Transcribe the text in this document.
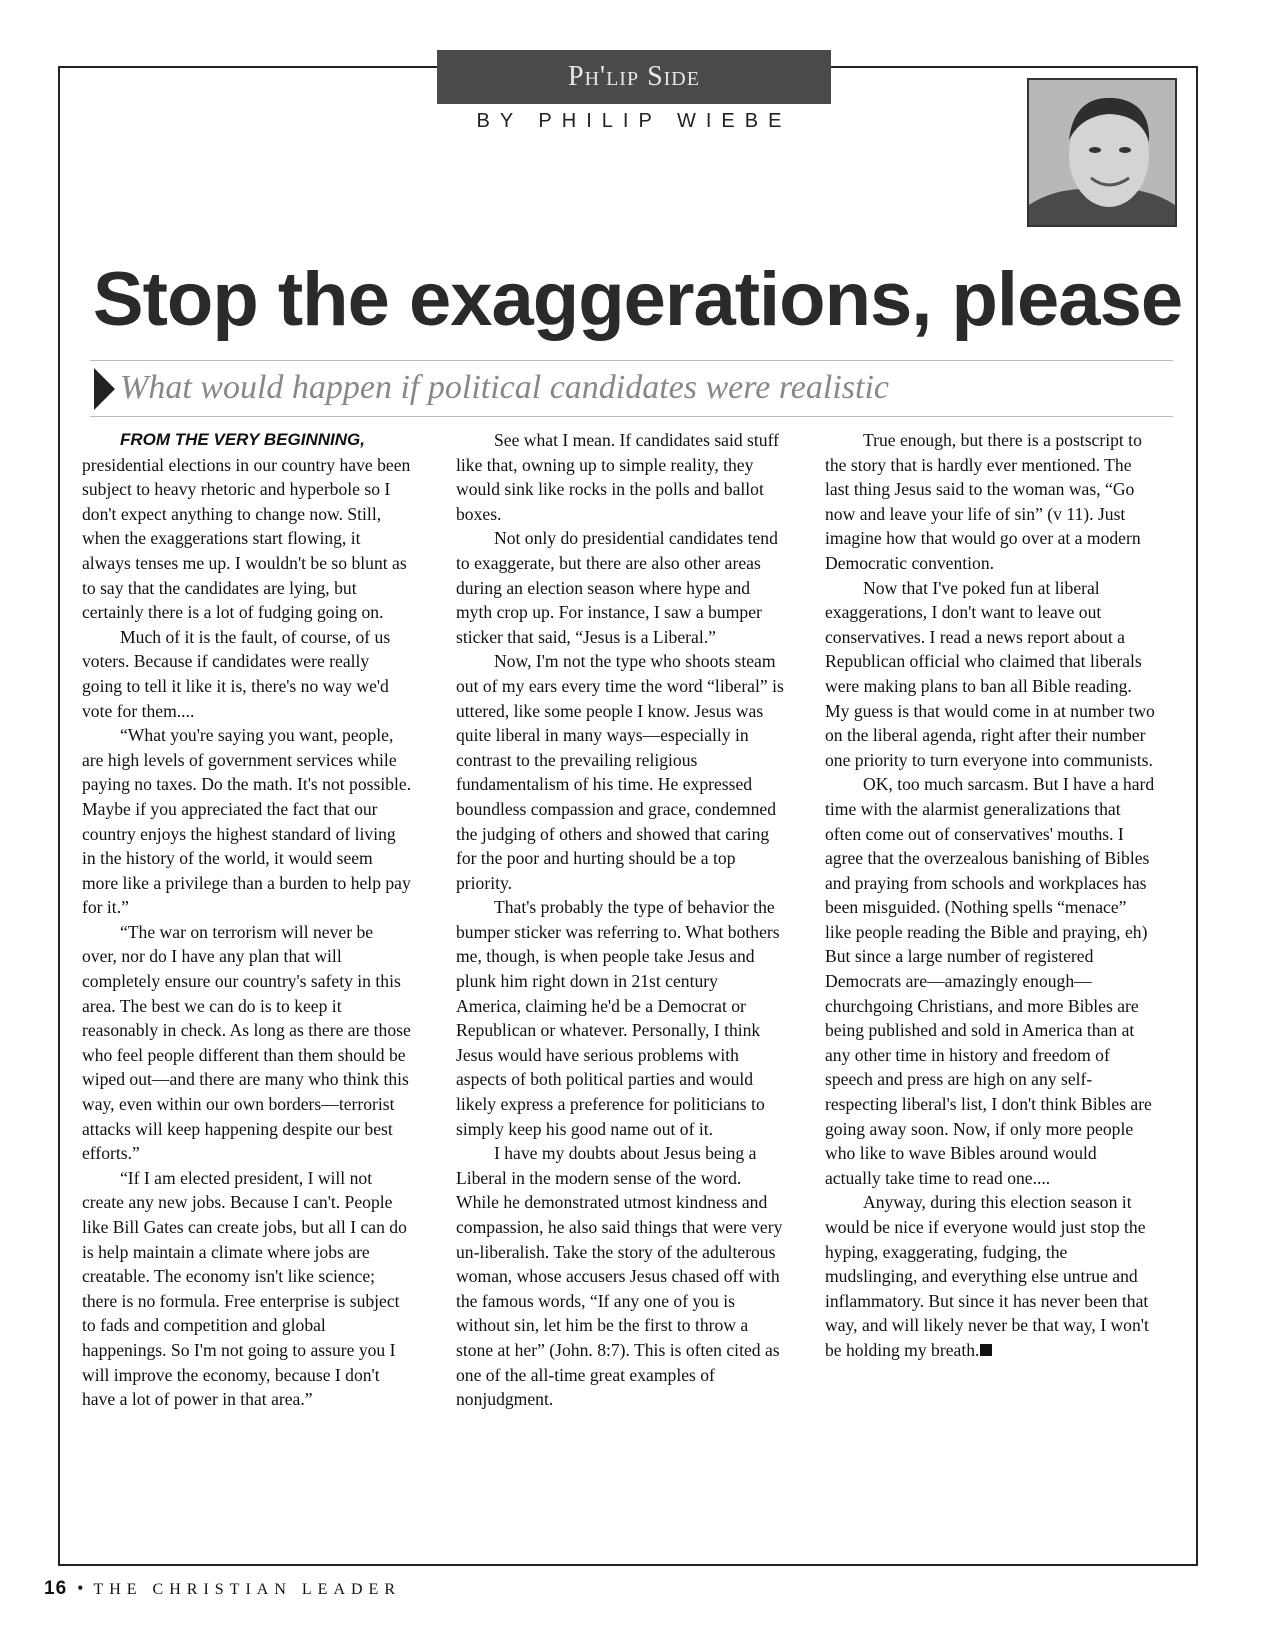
Ph'lip Side
BY PHILIP WIEBE
Stop the exaggerations, please
What would happen if political candidates were realistic
FROM THE VERY BEGINNING,

presidential elections in our country have been subject to heavy rhetoric and hyperbole so I don't expect anything to change now. Still, when the exaggerations start flowing, it always tenses me up. I wouldn't be so blunt as to say that the candidates are lying, but certainly there is a lot of fudging going on.

Much of it is the fault, of course, of us voters. Because if candidates were really going to tell it like it is, there's no way we'd vote for them....

“What you're saying you want, people, are high levels of government services while paying no taxes. Do the math. It's not possible. Maybe if you appreciated the fact that our country enjoys the highest standard of living in the history of the world, it would seem more like a privilege than a burden to help pay for it.”

“The war on terrorism will never be over, nor do I have any plan that will completely ensure our country's safety in this area. The best we can do is to keep it reasonably in check. As long as there are those who feel people different than them should be wiped out—and there are many who think this way, even within our own borders—terrorist attacks will keep happening despite our best efforts.”

“If I am elected president, I will not create any new jobs. Because I can't. People like Bill Gates can create jobs, but all I can do is help maintain a climate where jobs are creatable. The economy isn't like science; there is no formula. Free enterprise is subject to fads and competition and global happenings. So I'm not going to assure you I will improve the economy, because I don't have a lot of power in that area.”

See what I mean. If candidates said stuff like that, owning up to simple reality, they would sink like rocks in the polls and ballot boxes.

Not only do presidential candidates tend to exaggerate, but there are also other areas during an election season where hype and myth crop up. For instance, I saw a bumper sticker that said, “Jesus is a Liberal.”

Now, I'm not the type who shoots steam out of my ears every time the word “liberal” is uttered, like some people I know. Jesus was quite liberal in many ways—especially in contrast to the prevailing religious fundamentalism of his time. He expressed boundless compassion and grace, condemned the judging of others and showed that caring for the poor and hurting should be a top priority.

That's probably the type of behavior the bumper sticker was referring to. What bothers me, though, is when people take Jesus and plunk him right down in 21st century America, claiming he'd be a Democrat or Republican or whatever. Personally, I think Jesus would have serious problems with aspects of both political parties and would likely express a preference for politicians to simply keep his good name out of it.

I have my doubts about Jesus being a Liberal in the modern sense of the word. While he demonstrated utmost kindness and compassion, he also said things that were very un-liberalish. Take the story of the adulterous woman, whose accusers Jesus chased off with the famous words, “If any one of you is without sin, let him be the first to throw a stone at her” (John. 8:7). This is often cited as one of the all-time great examples of nonjudgment.

True enough, but there is a postscript to the story that is hardly ever mentioned. The last thing Jesus said to the woman was, “Go now and leave your life of sin” (v 11). Just imagine how that would go over at a modern Democratic convention.

Now that I've poked fun at liberal exaggerations, I don't want to leave out conservatives. I read a news report about a Republican official who claimed that liberals were making plans to ban all Bible reading. My guess is that would come in at number two on the liberal agenda, right after their number one priority to turn everyone into communists.

OK, too much sarcasm. But I have a hard time with the alarmist generalizations that often come out of conservatives' mouths. I agree that the overzealous banishing of Bibles and praying from schools and workplaces has been misguided. (Nothing spells “menace” like people reading the Bible and praying, eh) But since a large number of registered Democrats are—amazingly enough—churchgoing Christians, and more Bibles are being published and sold in America than at any other time in history and freedom of speech and press are high on any self-respecting liberal's list, I don't think Bibles are going away soon. Now, if only more people who like to wave Bibles around would actually take time to read one....

Anyway, during this election season it would be nice if everyone would just stop the hyping, exaggerating, fudging, the mudslinging, and everything else untrue and inflammatory. But since it has never been that way, and will likely never be that way, I won't be holding my breath.

16 • THE CHRISTIAN LEADER
